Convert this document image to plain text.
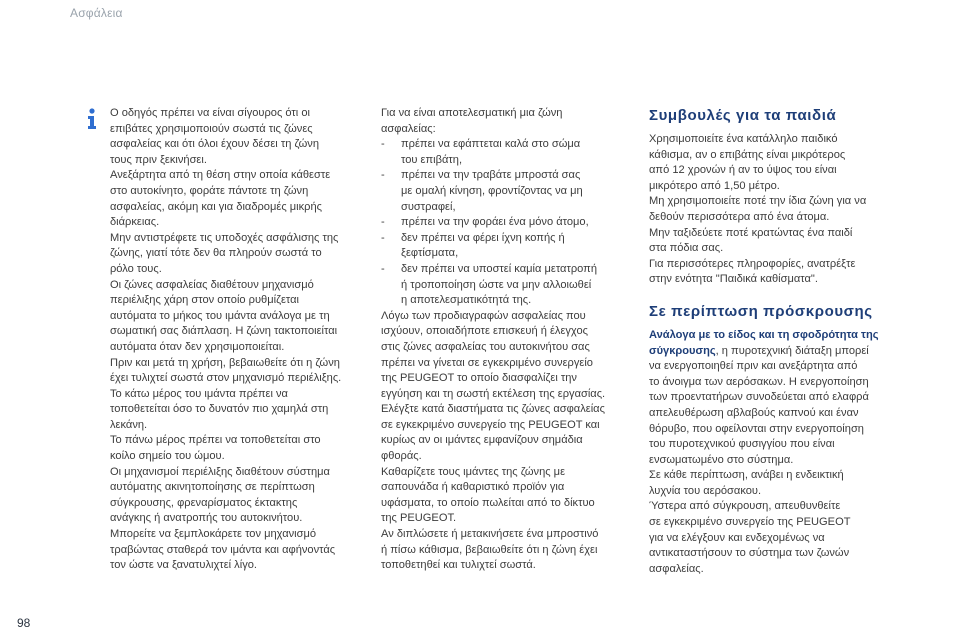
Ασφάλεια

Ο οδηγός πρέπει να είναι σίγουρος ότι οι

επιβάτες χρησιμοποιούν σωστά τις ζώνες

ασφαλείας και ότι όλοι έχουν δέσει τη ζώνη

τους πριν ξεκινήσει.

Ανεξάρτητα από τη θέση στην οποία κάθεστε

στο αυτοκίνητο, φοράτε πάντοτε τη ζώνη

ασφαλείας, ακόμη και για διαδρομές μικρής

διάρκειας.

Μην αντιστρέφετε τις υποδοχές ασφάλισης της

ζώνης, γιατί τότε δεν θα πληρούν σωστά το

ρόλο τους.

Οι ζώνες ασφαλείας διαθέτουν μηχανισμό

περιέλιξης χάρη στον οποίο ρυθμίζεται

αυτόματα το μήκος του ιμάντα ανάλογα με τη

σωματική σας διάπλαση. Η ζώνη τακτοποιείται

αυτόματα όταν δεν χρησιμοποιείται.

Πριν και μετά τη χρήση, βεβαιωθείτε ότι η ζώνη

έχει τυλιχτεί σωστά στον μηχανισμό περιέλιξης.

Το κάτω μέρος του ιμάντα πρέπει να

τοποθετείται όσο το δυνατόν πιο χαμηλά στη

λεκάνη.

Το πάνω μέρος πρέπει να τοποθετείται στο

κοίλο σημείο του ώμου.

Οι μηχανισμοί περιέλιξης διαθέτουν σύστημα

αυτόματης ακινητοποίησης σε περίπτωση

σύγκρουσης, φρεναρίσματος έκτακτης

ανάγκης ή ανατροπής του αυτοκινήτου.

Μπορείτε να ξεμπλοκάρετε τον μηχανισμό

τραβώντας σταθερά τον ιμάντα και αφήνοντάς

τον ώστε να ξανατυλιχτεί λίγο.

Για να είναι αποτελεσματική μια ζώνη

ασφαλείας:

-	πρέπει να εφάπτεται καλά στο σώμα
του επιβάτη,
-	πρέπει να την τραβάτε μπροστά σας
με ομαλή κίνηση, φροντίζοντας να μη
συστραφεί,
-	πρέπει να την φοράει ένα μόνο άτομο,
-	δεν πρέπει να φέρει ίχνη κοπής ή
ξεφτίσματα,
-	δεν πρέπει να υποστεί καμία μετατροπή
ή τροποποίηση ώστε να μην αλλοιωθεί
η αποτελεσματικότητά της.

Λόγω των προδιαγραφών ασφαλείας που

ισχύουν, οποιαδήποτε επισκευή ή έλεγχος

στις ζώνες ασφαλείας του αυτοκινήτου σας

πρέπει να γίνεται σε εγκεκριμένο συνεργείο

της PEUGEOT το οποίο διασφαλίζει την

εγγύηση και τη σωστή εκτέλεση της εργασίας.

Ελέγξτε κατά διαστήματα τις ζώνες ασφαλείας

σε εγκεκριμένο συνεργείο της PEUGEOT και

κυρίως αν οι ιμάντες εμφανίζουν σημάδια

φθοράς.

Καθαρίζετε τους ιμάντες της ζώνης με

σαπουνάδα ή καθαριστικό προϊόν για

υφάσματα, το οποίο πωλείται από το δίκτυο

της PEUGEOT.

Αν διπλώσετε ή μετακινήσετε ένα μπροστινό

ή πίσω κάθισμα, βεβαιωθείτε ότι η ζώνη έχει

τοποθετηθεί και τυλιχτεί σωστά.

Συμβουλές για τα παιδιά

Χρησιμοποιείτε ένα κατάλληλο παιδικό

κάθισμα, αν ο επιβάτης είναι μικρότερος

από 12 χρονών ή αν το ύψος του είναι

μικρότερο από 1,50 μέτρο.

Μη χρησιμοποιείτε ποτέ την ίδια ζώνη για να

δεθούν περισσότερα από ένα άτομα.

Μην ταξιδεύετε ποτέ κρατώντας ένα παιδί

στα πόδια σας.

Για περισσότερες πληροφορίες, ανατρέξτε

στην ενότητα "Παιδικά καθίσματα".

Σε περίπτωση πρόσκρουσης

Ανάλογα με το είδος και τη σφοδρότητα της

σύγκρουσης, η πυροτεχνική διάταξη μπορεί

να ενεργοποιηθεί πριν και ανεξάρτητα από

το άνοιγμα των αερόσακων. Η ενεργοποίηση

των προεντατήρων συνοδεύεται από ελαφρά

απελευθέρωση αβλαβούς καπνού και έναν

θόρυβο, που οφείλονται στην ενεργοποίηση

του πυροτεχνικού φυσιγγίου που είναι

ενσωματωμένο στο σύστημα.

Σε κάθε περίπτωση, ανάβει η ενδεικτική

λυχνία του αερόσακου.

Ύστερα από σύγκρουση, απευθυνθείτε

σε εγκεκριμένο συνεργείο της PEUGEOT

για να ελέγξουν και ενδεχομένως να

αντικαταστήσουν το σύστημα των ζωνών

ασφαλείας.

98
